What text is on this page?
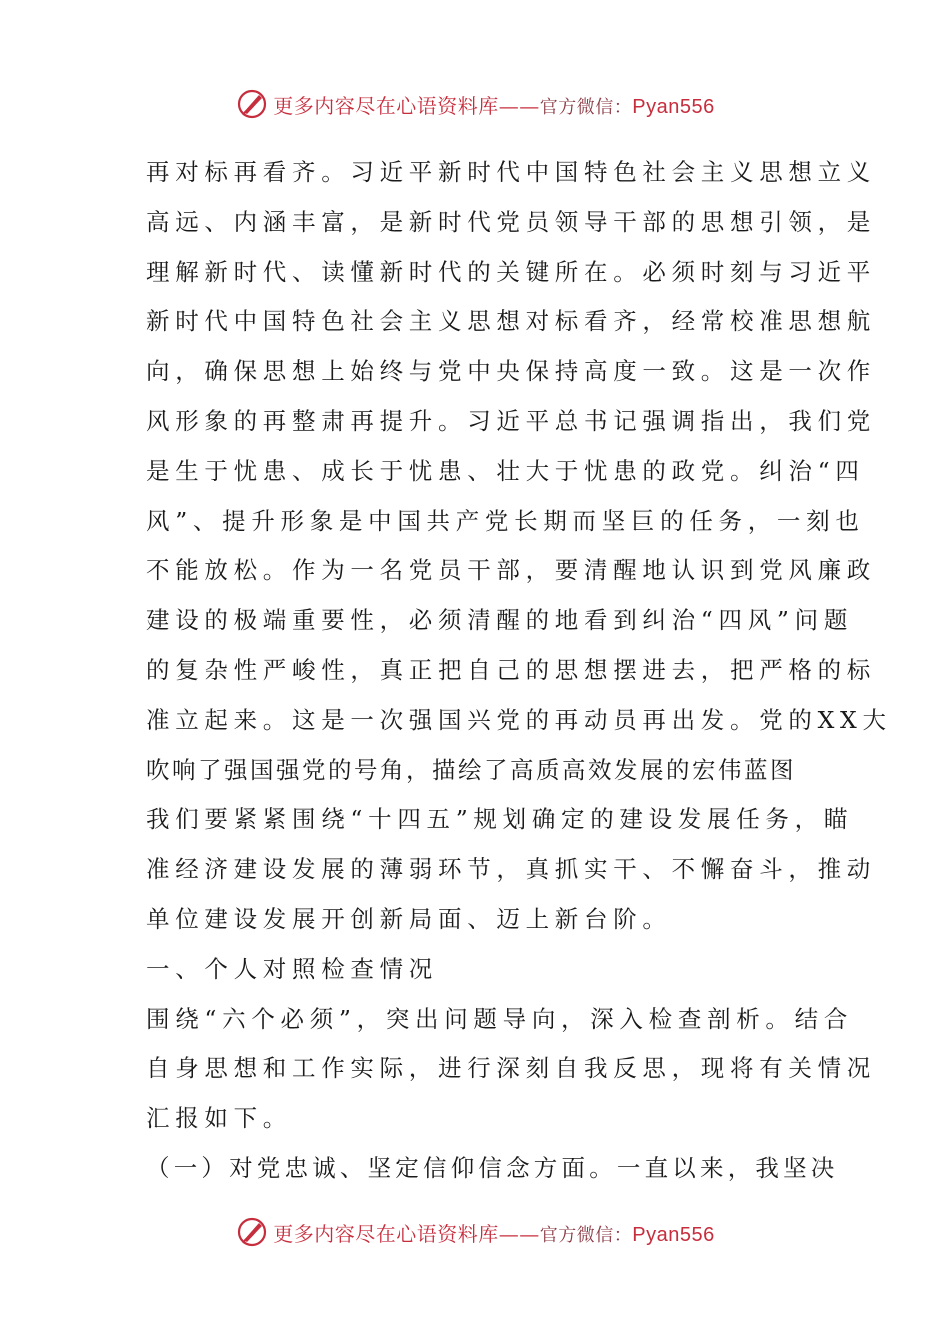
更多内容尽在心语资料库——官方微信：Pyan556
再对标再看齐。习近平新时代中国特色社会主义思想立义
高远、内涵丰富，是新时代党员领导干部的思想引领，是
理解新时代、读懂新时代的关键所在。必须时刻与习近平
新时代中国特色社会主义思想对标看齐，经常校准思想航
向，确保思想上始终与党中央保持高度一致。这是一次作
风形象的再整肃再提升。习近平总书记强调指出，我们党
是生于忧患、成长于忧患、壮大于忧患的政党。纠治“四
风”、提升形象是中国共产党长期而坚巨的任务，一刻也
不能放松。作为一名党员干部，要清醒地认识到党风廉政
建设的极端重要性，必须清醒的地看到纠治“四风”问题
的复杂性严峻性，真正把自己的思想摆进去，把严格的标
准立起来。这是一次强国兴党的再动员再出发。党的XX大
吹响了强国强党的号角，描绘了高质高效发展的宏伟蓝图
我们要紧紧围绕“十四五”规划确定的建设发展任务，瞄
准经济建设发展的薄弱环节，真抓实干、不懈奋斗，推动
单位建设发展开创新局面、迈上新台阶。
一、个人对照检查情况
围绕“六个必须”，突出问题导向，深入检查剖析。结合
自身思想和工作实际，进行深刻自我反思，现将有关情况
汇报如下。
（一）对党忠诚、坚定信仰信念方面。一直以来，我坚决
更多内容尽在心语资料库——官方微信：Pyan556
